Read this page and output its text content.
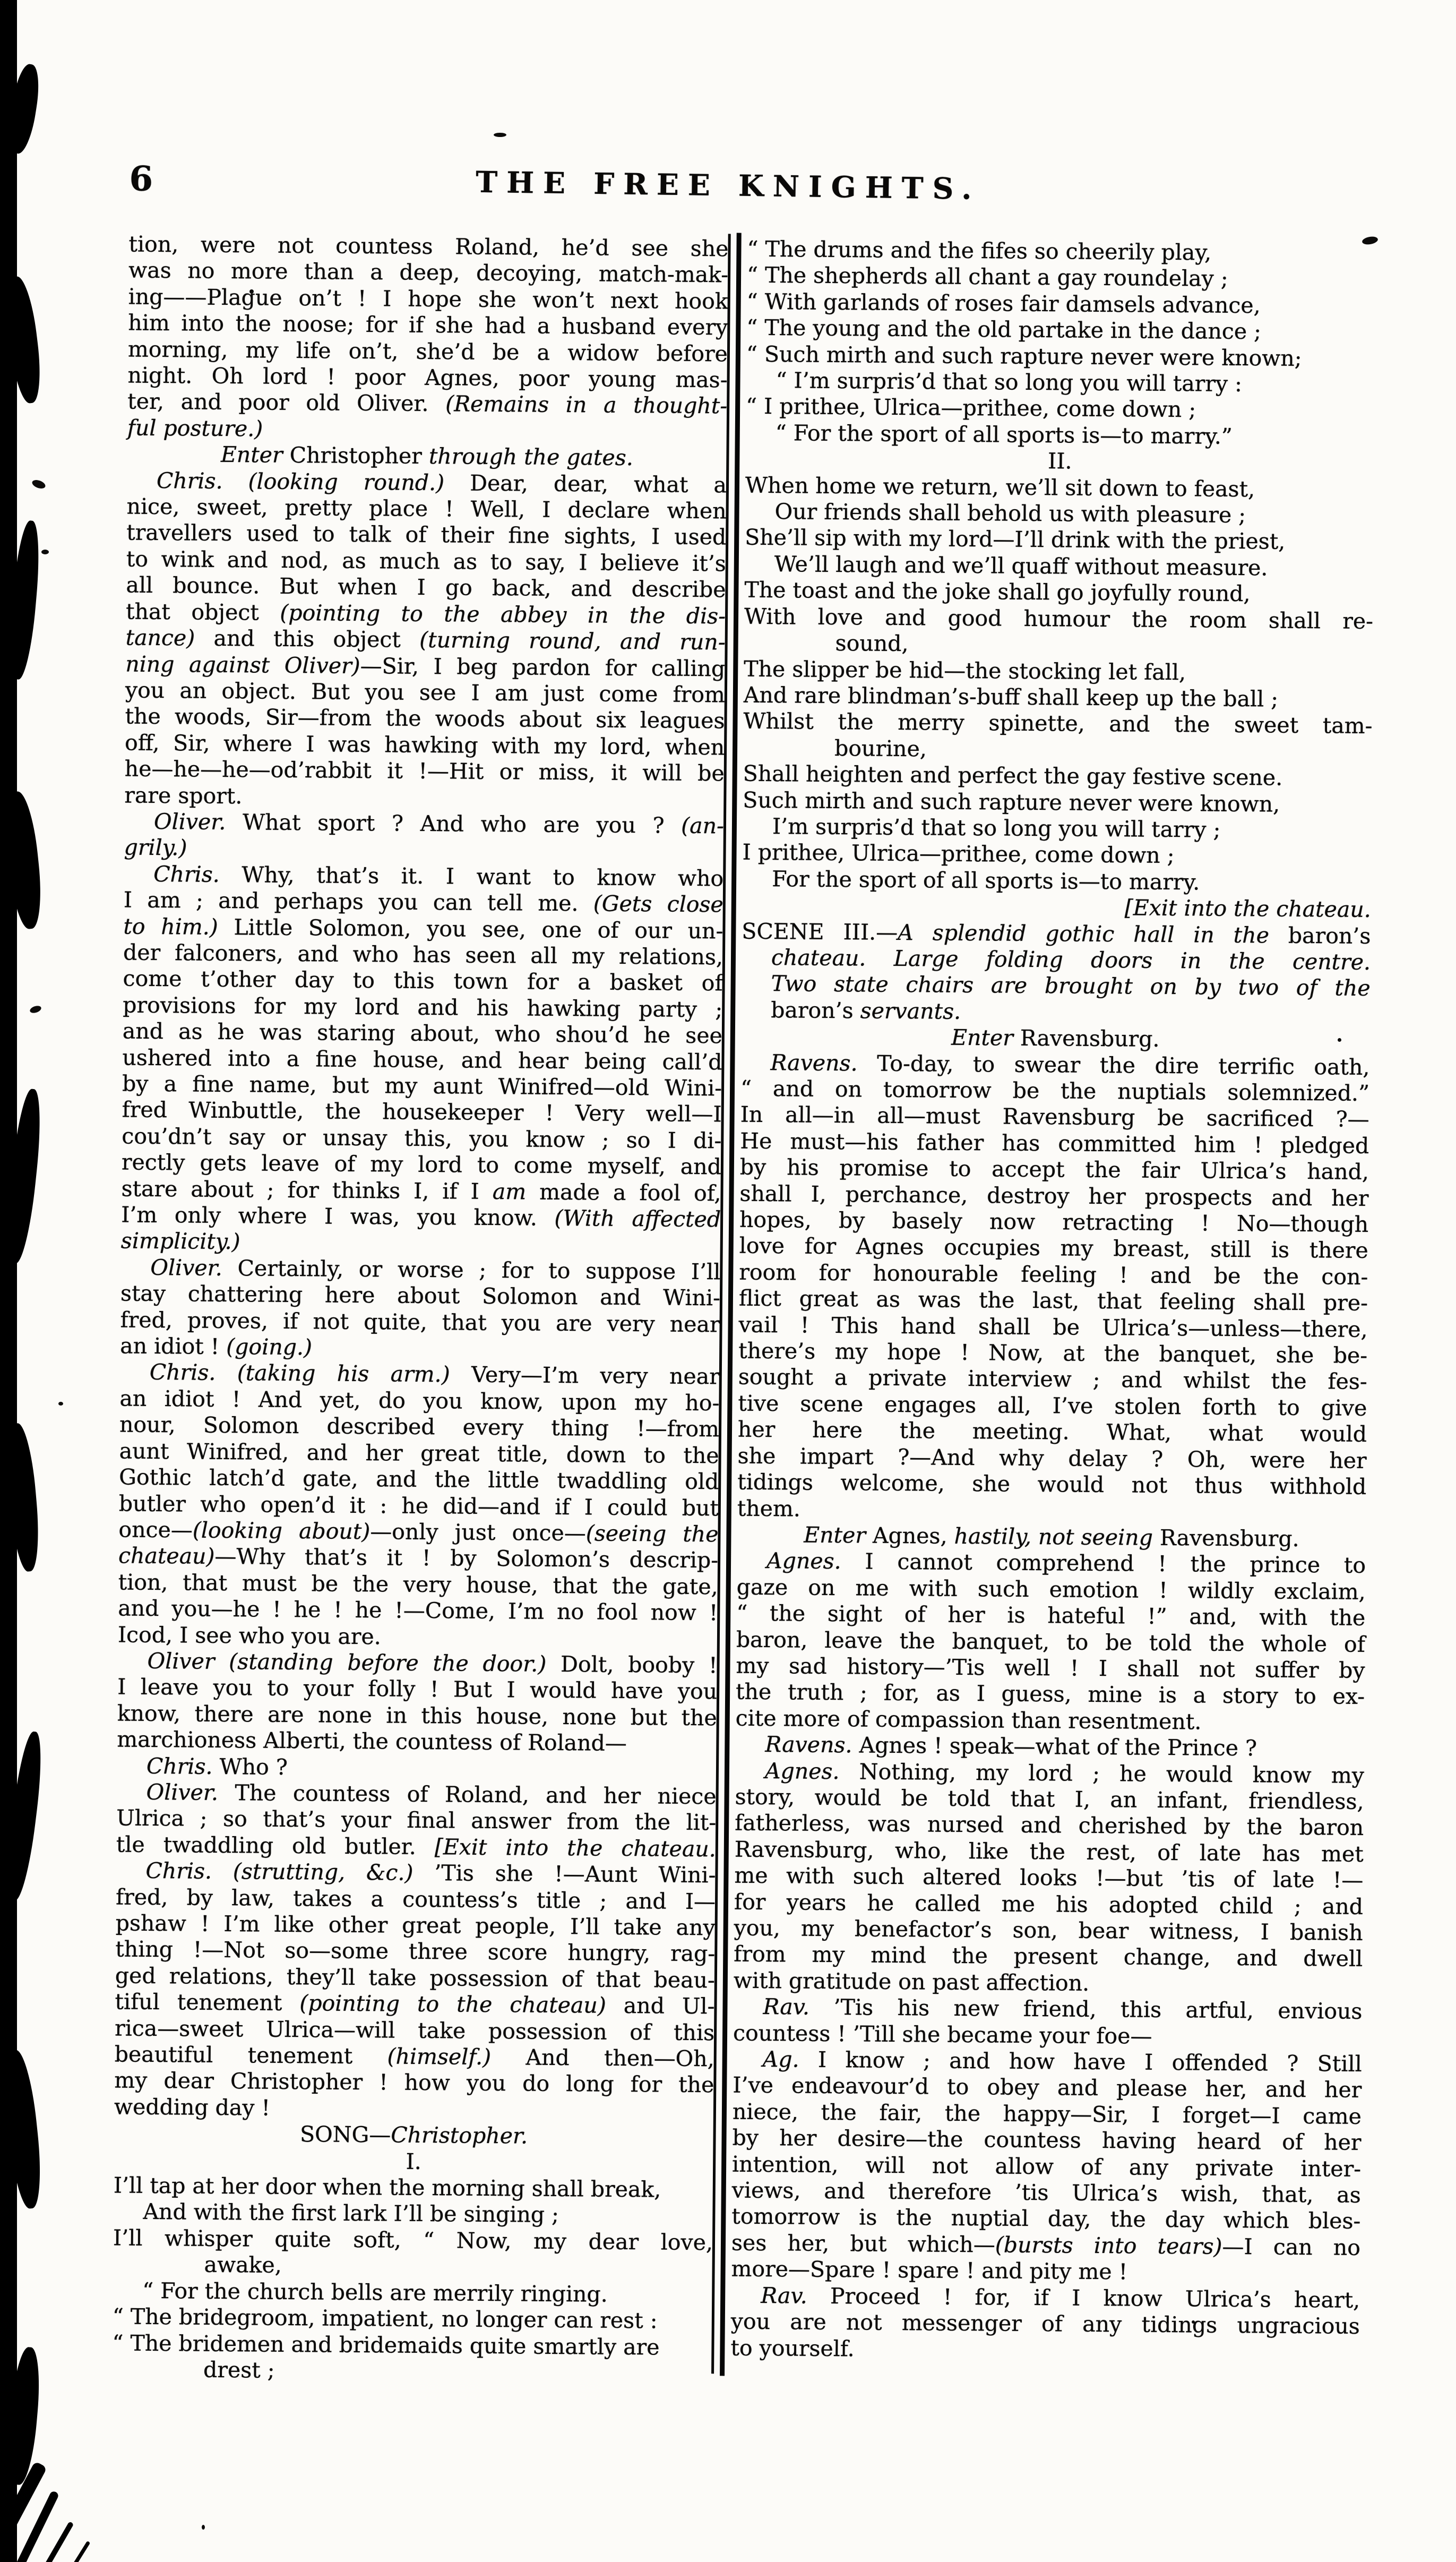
6	THE FREE KNIGHTS.
tion, were not countess Roland, he’d see she
was no more than a deep, decoying, match-mak-
ing——Plague on’t ! I hope she won’t next hook
him into the noose; for if she had a husband every
morning, my life on’t, she’d be a widow before
night. Oh lord ! poor Agnes, poor young mas-
ter, and poor old Oliver. (Remains in a thought-
ful posture.)
Enter Christopher through the gates.
Chris. (looking round.) Dear, dear, what a
nice, sweet, pretty place ! Well, I declare when
travellers used to talk of their fine sights, I used
to wink and nod, as much as to say, I believe it’s
all bounce. But when I go back, and describe
that object (pointing to the abbey in the dis-
tance) and this object (turning round, and run-
ning against Oliver)—Sir, I beg pardon for calling
you an object. But you see I am just come from
the woods, Sir—from the woods about six leagues
off, Sir, where I was hawking with my lord, when
he—he—he—od’rabbit it !—Hit or miss, it will be
rare sport.
Oliver. What sport ? And who are you ? (an-
grily.)
Chris. Why, that’s it. I want to know who
I am ; and perhaps you can tell me. (Gets close
to him.) Little Solomon, you see, one of our un-
der falconers, and who has seen all my relations,
come t’other day to this town for a basket of
provisions for my lord and his hawking party ;
and as he was staring about, who shou’d he see
ushered into a fine house, and hear being call’d
by a fine name, but my aunt Winifred—old Wini-
fred Winbuttle, the housekeeper ! Very well—I
cou’dn’t say or unsay this, you know ; so I di-
rectly gets leave of my lord to come myself, and
stare about ; for thinks I, if I am made a fool of,
I’m only where I was, you know. (With affected
simplicity.)
Oliver. Certainly, or worse ; for to suppose I’ll
stay chattering here about Solomon and Wini-
fred, proves, if not quite, that you are very near
an idiot ! (going.)
Chris. (taking his arm.) Very—I’m very near
an idiot ! And yet, do you know, upon my ho-
nour, Solomon described every thing !—from
aunt Winifred, and her great title, down to the
Gothic latch’d gate, and the little twaddling old
butler who open’d it : he did—and if I could but
once—(looking about)—only just once—(seeing the
chateau)—Why that’s it ! by Solomon’s descrip-
tion, that must be the very house, that the gate,
and you—he ! he ! he !—Come, I’m no fool now !
Icod, I see who you are.
Oliver (standing before the door.) Dolt, booby !
I leave you to your folly ! But I would have you
know, there are none in this house, none but the
marchioness Alberti, the countess of Roland—
Chris. Who ?
Oliver. The countess of Roland, and her niece
Ulrica ; so that’s your final answer from the lit-
tle twaddling old butler. [Exit into the chateau.
Chris. (strutting, &c.) ’Tis she !—Aunt Wini-
fred, by law, takes a countess’s title ; and I—
pshaw ! I’m like other great people, I’ll take any
thing !—Not so—some three score hungry, rag-
ged relations, they’ll take possession of that beau-
tiful tenement (pointing to the chateau) and Ul-
rica—sweet Ulrica—will take possession of this
beautiful tenement (himself.) And then—Oh,
my dear Christopher ! how you do long for the
wedding day !
SONG—Christopher.
I.
I’ll tap at her door when the morning shall break,
And with the first lark I’ll be singing ;
I’ll whisper quite soft, “ Now, my dear love,
awake,
“ For the church bells are merrily ringing.
“ The bridegroom, impatient, no longer can rest :
“ The bridemen and bridemaids quite smartly are
drest ;
“ The drums and the fifes so cheerily play,
“ The shepherds all chant a gay roundelay ;
“ With garlands of roses fair damsels advance,
“ The young and the old partake in the dance ;
“ Such mirth and such rapture never were known;
“ I’m surpris’d that so long you will tarry :
“ I prithee, Ulrica—prithee, come down ;
“ For the sport of all sports is—to marry.”
II.
When home we return, we’ll sit down to feast,
Our friends shall behold us with pleasure ;
She’ll sip with my lord—I’ll drink with the priest,
We’ll laugh and we’ll quaff without measure.
The toast and the joke shall go joyfully round,
With love and good humour the room shall re-
sound,
The slipper be hid—the stocking let fall,
And rare blindman’s-buff shall keep up the ball ;
Whilst the merry spinette, and the sweet tam-
bourine,
Shall heighten and perfect the gay festive scene.
Such mirth and such rapture never were known,
I’m surpris’d that so long you will tarry ;
I prithee, Ulrica—prithee, come down ;
For the sport of all sports is—to marry.
[Exit into the chateau.
SCENE III.—A splendid gothic hall in the baron’s
chateau. Large folding doors in the centre.
Two state chairs are brought on by two of the
baron’s servants.
Enter Ravensburg.
Ravens. To-day, to swear the dire terrific oath,
“ and on tomorrow be the nuptials solemnized.”
In all—in all—must Ravensburg be sacrificed ?—
He must—his father has committed him ! pledged
by his promise to accept the fair Ulrica’s hand,
shall I, perchance, destroy her prospects and her
hopes, by basely now retracting ! No—though
love for Agnes occupies my breast, still is there
room for honourable feeling ! and be the con-
flict great as was the last, that feeling shall pre-
vail ! This hand shall be Ulrica’s—unless—there,
there’s my hope ! Now, at the banquet, she be-
sought a private interview ; and whilst the fes-
tive scene engages all, I’ve stolen forth to give
her here the meeting. What, what would
she impart ?—And why delay ? Oh, were her
tidings welcome, she would not thus withhold
them.
Enter Agnes, hastily, not seeing Ravensburg.
Agnes. I cannot comprehend ! the prince to
gaze on me with such emotion ! wildly exclaim,
“ the sight of her is hateful !” and, with the
baron, leave the banquet, to be told the whole of
my sad history—’Tis well ! I shall not suffer by
the truth ; for, as I guess, mine is a story to ex-
cite more of compassion than resentment.
Ravens. Agnes ! speak—what of the Prince ?
Agnes. Nothing, my lord ; he would know my
story, would be told that I, an infant, friendless,
fatherless, was nursed and cherished by the baron
Ravensburg, who, like the rest, of late has met
me with such altered looks !—but ’tis of late !—
for years he called me his adopted child ; and
you, my benefactor’s son, bear witness, I banish
from my mind the present change, and dwell
with gratitude on past affection.
Rav. ’Tis his new friend, this artful, envious
countess ! ’Till she became your foe—
Ag. I know ; and how have I offended ? Still
I’ve endeavour’d to obey and please her, and her
niece, the fair, the happy—Sir, I forget—I came
by her desire—the countess having heard of her
intention, will not allow of any private inter-
views, and therefore ’tis Ulrica’s wish, that, as
tomorrow is the nuptial day, the day which bles-
ses her, but which—(bursts into tears)—I can no
more—Spare ! spare ! and pity me !
Rav. Proceed ! for, if I know Ulrica’s heart,
you are not messenger of any tidings ungracious
to yourself.
